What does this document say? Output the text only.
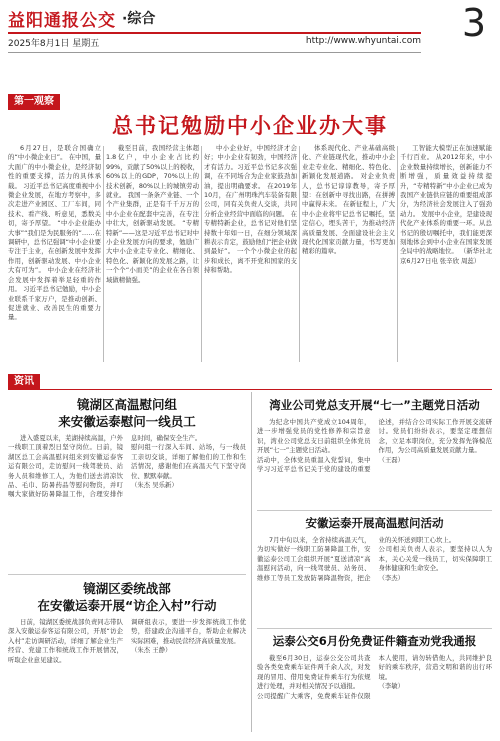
益阳通报公交 ·综合	3
2025年8月1日 星期五	http://www.whyuntai.com
第一观察
总书记勉励中小企业办大事

6月27日，是联合国确立的“中小微企业日”。 在中国，量大面广的中小微企业，是经济韧性的重要支撑，活力的具体承载。 习近平总书记高度重视中小微企业发展，在地方考察中，多次走进产业园区、工厂车间，同技术、看产线、听意见，悉数关切，寄予厚望。 “中小企业能办大事”“我们是为民服务的”……在调研中，总书记强调“中小企业要专注于主业，在创新发展中发挥作用，创新驱动发展、中小企业大有可为”。 中小企业在经济社会发展中发挥着举足轻重的作用。 习近平总书记勉励，中小企业联系千家万户，是推动创新、促进就业、改善民生的重要力量。

截至目前，我国经营主体超1.8亿户，中小企业占比约99%，贡献了50%以上的税收，60%以上的GDP，70%以上的技术创新，80%以上的城镇劳动就业。 我国一条条产业链、一个个产业集群，正是有千千万万的中小企业在配套中完善，在专注中壮大，创新驱动发展。 “专精特新”——这是习近平总书记对中小企业发展方向的要求，勉励广大中小企业走专业化、精细化、特色化、新颖化的发展之路，让一个个“小而美”的企业在各自领域做精做强。

中小企业好，中国经济才会好；中小企业有韧劲，中国经济才有活力。习近平总书记多次强调，在不同场合为企业家鼓劲加油，提出明确要求。 在2019年10月，在广州明珠汽车装备有限公司，同有关负责人交谈，共同分析企业经营中面临的问题。 在专精特新企业，总书记对他们坚持数十年如一日，在细分领域深耕表示肯定，鼓励他们“把企业做到最好”。 一个个小微企业的起步和成长，离不开党和国家的支持和帮助。

体系现代化、产业基础高级化、产业链现代化，推动中小企业走专业化、精细化、特色化、新颖化发展道路。 对企业负责人，总书记谆谆教导，寄予厚望：在创新中寻找出路，在拼搏中赢得未来。 在新征程上，广大中小企业将牢记总书记嘱托，坚定信心，埋头苦干，为推动经济高质量发展、全面建设社会主义现代化国家贡献力量，书写更加精彩的篇章。

工智能大模型正在加速赋能千行百业。 从2012年来，中小企业数量持续增长，创新能力不断增强，质量效益持续提升，“专精特新”中小企业已成为我国产业链供应链的重要组成部分，为经济社会发展注入了强劲动力。 发展中小企业，是建设现代化产业体系的重要一环。从总书记的殷切嘱托中，我们能更深刻地体会到中小企业在国家发展全局中的战略地位。 （新华社北京6月27日电 张辛欣 周蕊）

资讯
镜湖区高温慰问组
来安徽运泰慰问一线员工

进入盛夏以来，芜湖持续高温，户外一线职工顶着烈日坚守岗位。日前，镜湖区总工会高温慰问组来到安徽运泰客运有限公司，走访慰问一线驾驶员、站务人员和维修工人，为他们送去清凉饮品、毛巾、防暑药品等慰问物资，并叮嘱大家做好防暑降温工作，合理安排作息时间，确保安全生产。
慰问组一行深入车间、站场，与一线员工亲切交谈，详细了解他们的工作和生活情况，感谢他们在高温天气下坚守岗位、默默奉献。
（朱杰 吴乐新）

湾业公司党总支开展“七一”主题党日活动

为纪念中国共产党成立104周年，进一步增强党员的党性修养和宗旨意识，湾业公司党总支日前组织全体党员开展“七一”主题党日活动。
活动中，全体党员重温入党誓词，集中学习习近平总书记关于党的建设的重要论述，并结合公司实际工作开展交流研讨。党员们纷纷表示，要坚定理想信念，立足本职岗位，充分发挥先锋模范作用，为公司高质量发展贡献力量。
（王磊）

安徽运泰开展高温慰问活动

7月中旬以来，全省持续高温天气，为切实做好一线职工防暑降温工作，安徽运泰公司工会组织开展“夏送清凉”高温慰问活动，向一线驾驶员、站务员、维修工等员工发放防暑降温物资，把企业的关怀送到职工心坎上。
公司相关负责人表示，要坚持以人为本，关心关爱一线员工，切实保障职工身体健康和生命安全。
（李杰）

镜湖区委统战部
在安徽运泰开展“访企入村”行动

日前，镜湖区委统战部负责同志带队深入安徽运泰客运有限公司，开展“访企入村”走访调研活动，详细了解企业生产经营、党建工作和统战工作开展情况，听取企业意见建议。
调研组表示，要进一步发挥统战工作优势，搭建政企沟通平台，帮助企业解决实际困难，推动民营经济高质量发展。
（朱杰 王静）

运泰公交6月份免费证件籍查劝党我通报

截至6月30日，运泰公交公司共查验各类免费乘车证件两千余人次，对发现的冒用、借用免费证件乘车行为依规进行处理，并对相关情况予以通报。
公司提醒广大乘客，免费乘车证件仅限本人使用，请勿转借他人，共同维护良好的乘车秩序，营造文明和谐的出行环境。
（李敏）
